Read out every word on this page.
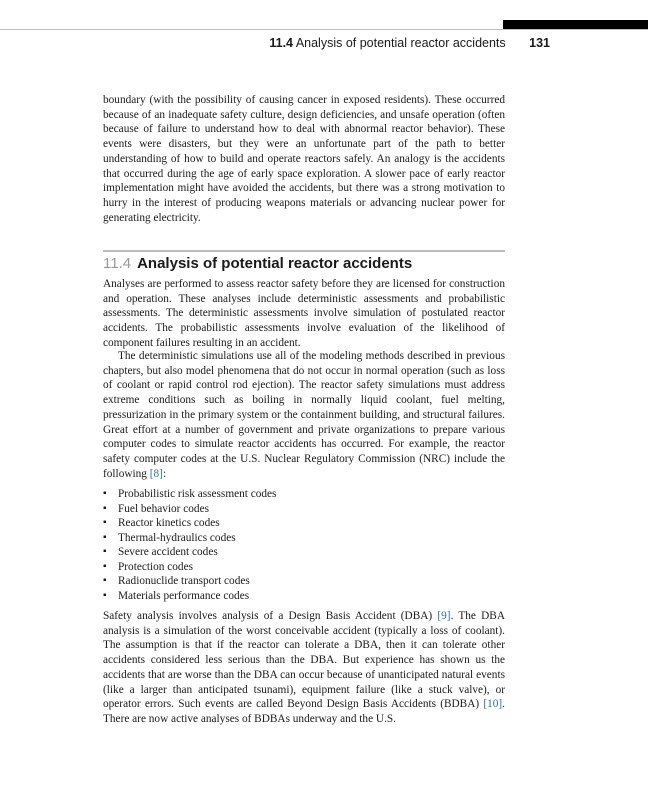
11.4 Analysis of potential reactor accidents 131

boundary (with the possibility of causing cancer in exposed residents). These occurred because of an inadequate safety culture, design deficiencies, and unsafe operation (often because of failure to understand how to deal with abnormal reactor behavior). These events were disasters, but they were an unfortunate part of the path to better understanding of how to build and operate reactors safely. An analogy is the accidents that occurred during the age of early space exploration. A slower pace of early reactor implementation might have avoided the accidents, but there was a strong motivation to hurry in the interest of producing weapons materials or advancing nuclear power for generating electricity.

11.4 Analysis of potential reactor accidents

Analyses are performed to assess reactor safety before they are licensed for construction and operation. These analyses include deterministic assessments and probabilistic assessments. The deterministic assessments involve simulation of postulated reactor accidents. The probabilistic assessments involve evaluation of the likelihood of component failures resulting in an accident.

The deterministic simulations use all of the modeling methods described in previous chapters, but also model phenomena that do not occur in normal operation (such as loss of coolant or rapid control rod ejection). The reactor safety simulations must address extreme conditions such as boiling in normally liquid coolant, fuel melting, pressurization in the primary system or the containment building, and structural failures. Great effort at a number of government and private organizations to prepare various computer codes to simulate reactor accidents has occurred. For example, the reactor safety computer codes at the U.S. Nuclear Regulatory Commission (NRC) include the following [8]:

▪ Probabilistic risk assessment codes
▪ Fuel behavior codes
▪ Reactor kinetics codes
▪ Thermal-hydraulics codes
▪ Severe accident codes
▪ Protection codes
▪ Radionuclide transport codes
▪ Materials performance codes

Safety analysis involves analysis of a Design Basis Accident (DBA) [9]. The DBA analysis is a simulation of the worst conceivable accident (typically a loss of coolant). The assumption is that if the reactor can tolerate a DBA, then it can tolerate other accidents considered less serious than the DBA. But experience has shown us the accidents that are worse than the DBA can occur because of unanticipated natural events (like a larger than anticipated tsunami), equipment failure (like a stuck valve), or operator errors. Such events are called Beyond Design Basis Accidents (BDBA) [10]. There are now active analyses of BDBAs underway and the U.S.
